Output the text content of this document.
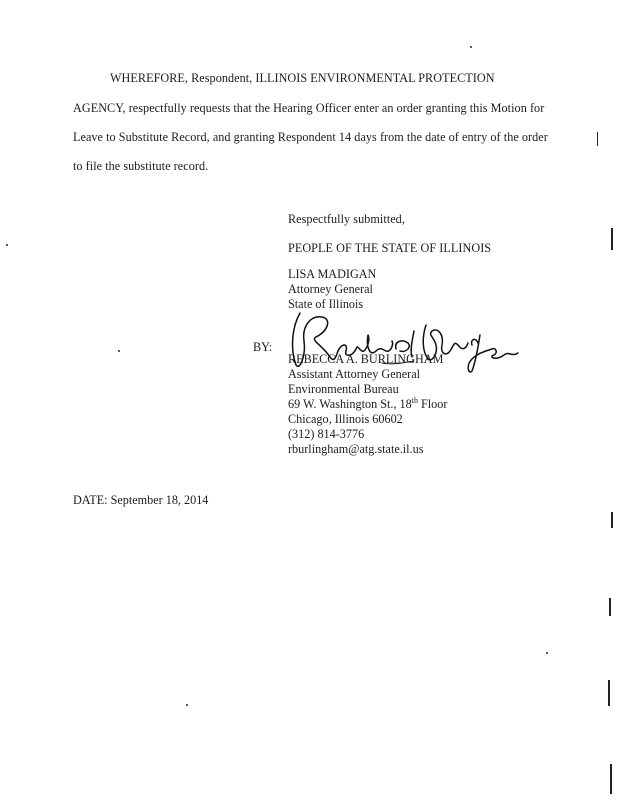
WHEREFORE, Respondent, ILLINOIS ENVIRONMENTAL PROTECTION
AGENCY, respectfully requests that the Hearing Officer enter an order granting this Motion for
Leave to Substitute Record, and granting Respondent 14 days from the date of entry of the order
to file the substitute record.
Respectfully submitted,
PEOPLE OF THE STATE OF ILLINOIS
LISA MADIGAN
Attorney General
State of Illinois
BY:
REBECCA A. BURLINGHAM
Assistant Attorney General
Environmental Bureau
69 W. Washington St., 18th Floor
Chicago, Illinois 60602
(312) 814-3776
rburlingham@atg.state.il.us
DATE: September 18, 2014
